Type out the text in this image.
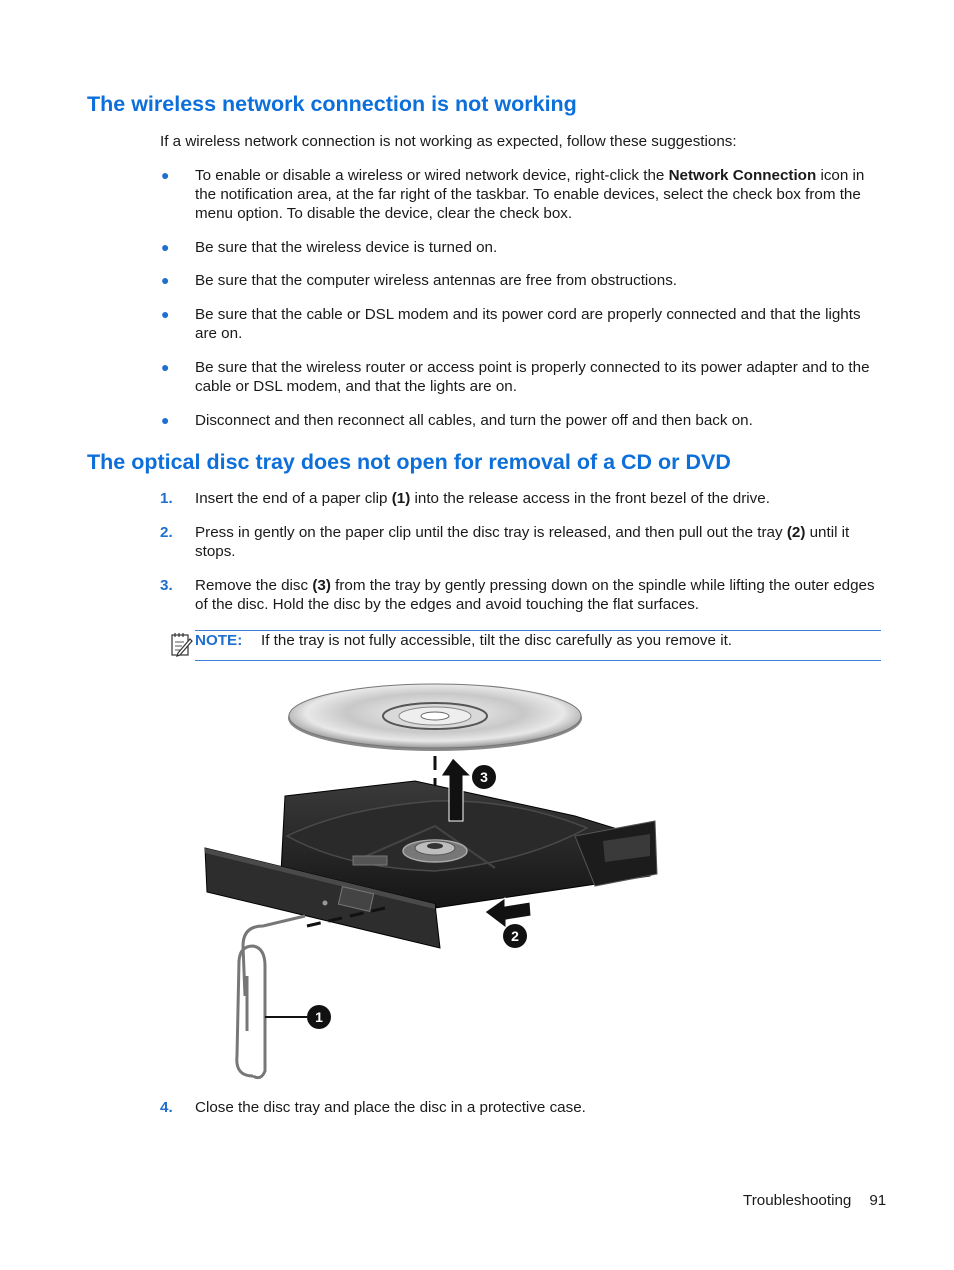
The wireless network connection is not working

If a wireless network connection is not working as expected, follow these suggestions:

● To enable or disable a wireless or wired network device, right-click the Network Connection icon in the notification area, at the far right of the taskbar. To enable devices, select the check box from the menu option. To disable the device, clear the check box.
● Be sure that the wireless device is turned on.
● Be sure that the computer wireless antennas are free from obstructions.
● Be sure that the cable or DSL modem and its power cord are properly connected and that the lights are on.
● Be sure that the wireless router or access point is properly connected to its power adapter and to the cable or DSL modem, and that the lights are on.
● Disconnect and then reconnect all cables, and turn the power off and then back on.
The optical disc tray does not open for removal of a CD or DVD
1. Insert the end of a paper clip (1) into the release access in the front bezel of the drive.
2. Press in gently on the paper clip until the disc tray is released, and then pull out the tray (2) until it stops.
3. Remove the disc (3) from the tray by gently pressing down on the spindle while lifting the outer edges of the disc. Hold the disc by the edges and avoid touching the flat surfaces.
NOTE: If the tray is not fully accessible, tilt the disc carefully as you remove it.
1
2
3
4. Close the disc tray and place the disc in a protective case.
Troubleshooting 91
